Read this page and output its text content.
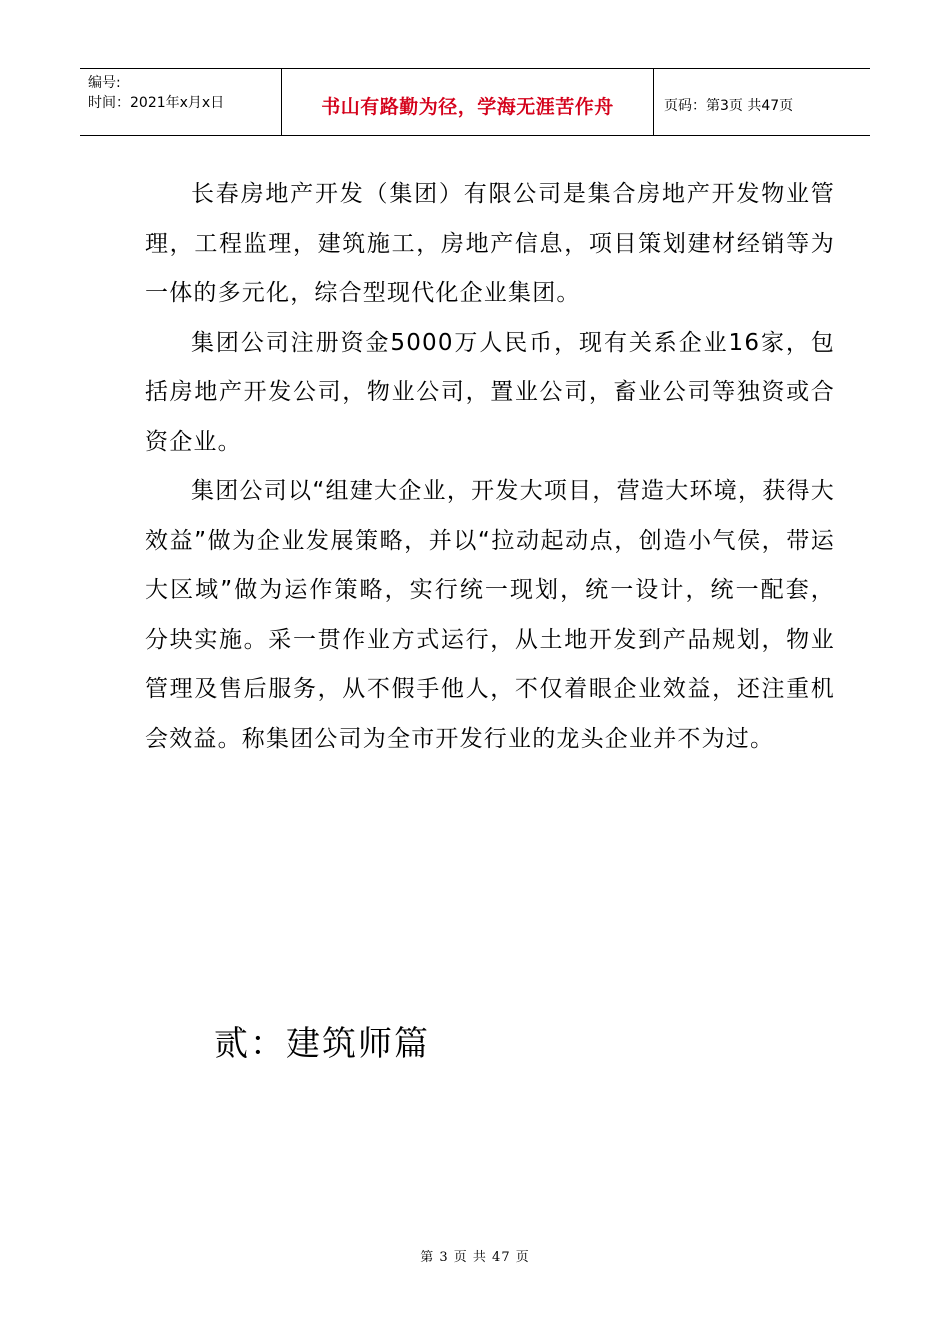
编号:
时间：2021年x月x日	书山有路勤为径，学海无涯苦作舟	页码：第3页 共47页

长春房地产开发（集团）有限公司是集合房地产开发物业管理，工程监理，建筑施工，房地产信息，项目策划建材经销等为一体的多元化，综合型现代化企业集团。

集团公司注册资金5000万人民币，现有关系企业16家，包括房地产开发公司，物业公司，置业公司，畜业公司等独资或合资企业。

集团公司以“组建大企业，开发大项目，营造大环境，获得大效益”做为企业发展策略，并以“拉动起动点，创造小气侯，带运大区域”做为运作策略，实行统一现划，统一设计，统一配套，分块实施。采一贯作业方式运行，从土地开发到产品规划，物业管理及售后服务，从不假手他人，不仅着眼企业效益，还注重机会效益。称集团公司为全市开发行业的龙头企业并不为过。

贰：建筑师篇
第 3 页 共 47 页
